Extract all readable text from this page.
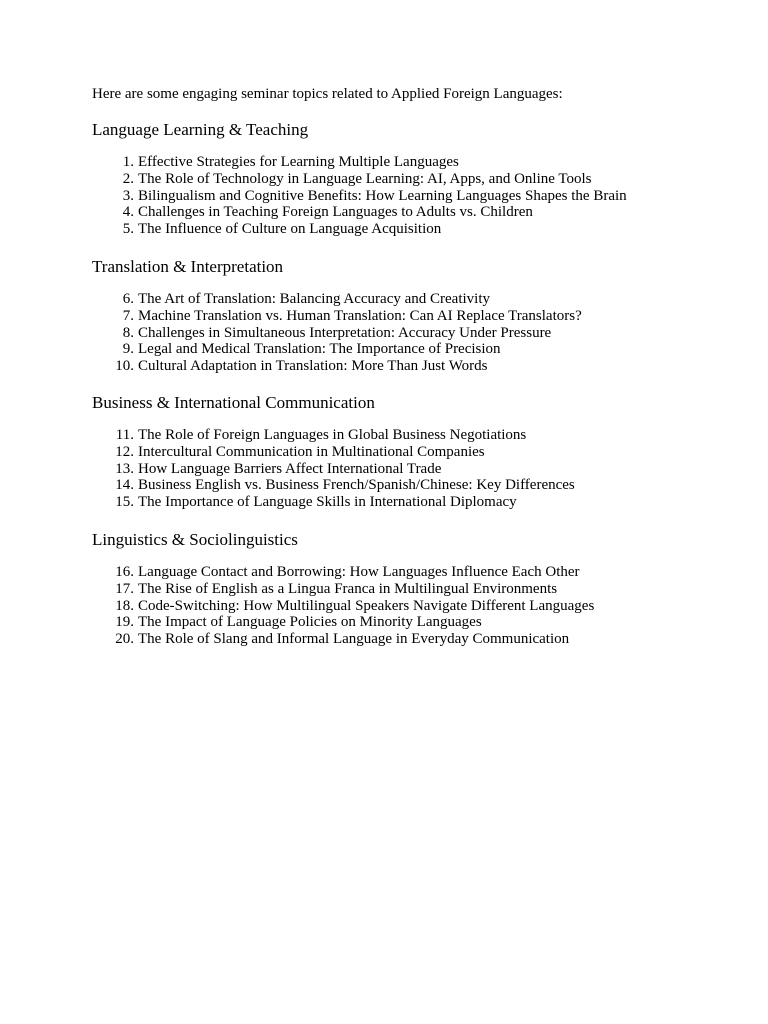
Here are some engaging seminar topics related to Applied Foreign Languages:
Language Learning & Teaching
1. Effective Strategies for Learning Multiple Languages
2. The Role of Technology in Language Learning: AI, Apps, and Online Tools
3. Bilingualism and Cognitive Benefits: How Learning Languages Shapes the Brain
4. Challenges in Teaching Foreign Languages to Adults vs. Children
5. The Influence of Culture on Language Acquisition
Translation & Interpretation
6. The Art of Translation: Balancing Accuracy and Creativity
7. Machine Translation vs. Human Translation: Can AI Replace Translators?
8. Challenges in Simultaneous Interpretation: Accuracy Under Pressure
9. Legal and Medical Translation: The Importance of Precision
10. Cultural Adaptation in Translation: More Than Just Words
Business & International Communication
11. The Role of Foreign Languages in Global Business Negotiations
12. Intercultural Communication in Multinational Companies
13. How Language Barriers Affect International Trade
14. Business English vs. Business French/Spanish/Chinese: Key Differences
15. The Importance of Language Skills in International Diplomacy
Linguistics & Sociolinguistics
16. Language Contact and Borrowing: How Languages Influence Each Other
17. The Rise of English as a Lingua Franca in Multilingual Environments
18. Code-Switching: How Multilingual Speakers Navigate Different Languages
19. The Impact of Language Policies on Minority Languages
20. The Role of Slang and Informal Language in Everyday Communication
